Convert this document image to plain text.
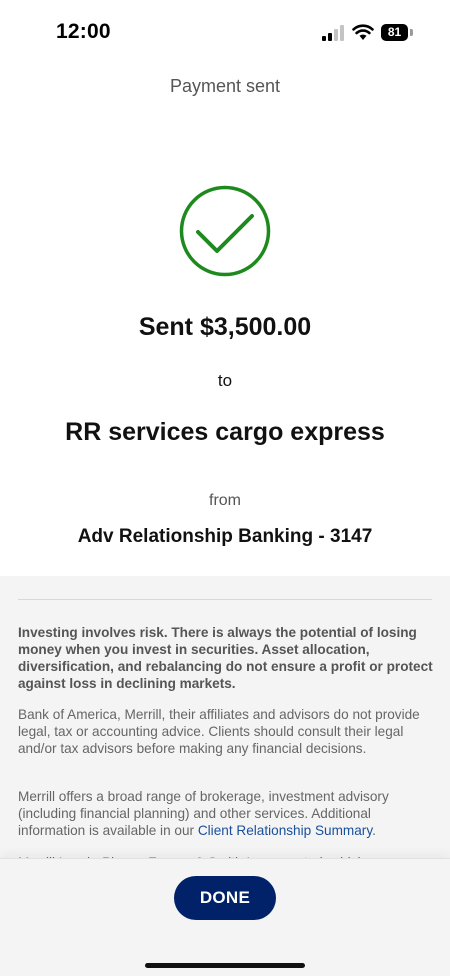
12:00	81
Payment sent
Sent $3,500.00
to
RR services cargo express
from
Adv Relationship Banking - 3147
Investing involves risk. There is always the potential of losing money when you invest in securities. Asset allocation, diversification, and rebalancing do not ensure a profit or protect against loss in declining markets.
Bank of America, Merrill, their affiliates and advisors do not provide legal, tax or accounting advice. Clients should consult their legal and/or tax advisors before making any financial decisions.
Merrill offers a broad range of brokerage, investment advisory (including financial planning) and other services. Additional information is available in our Client Relationship Summary.
DONE
